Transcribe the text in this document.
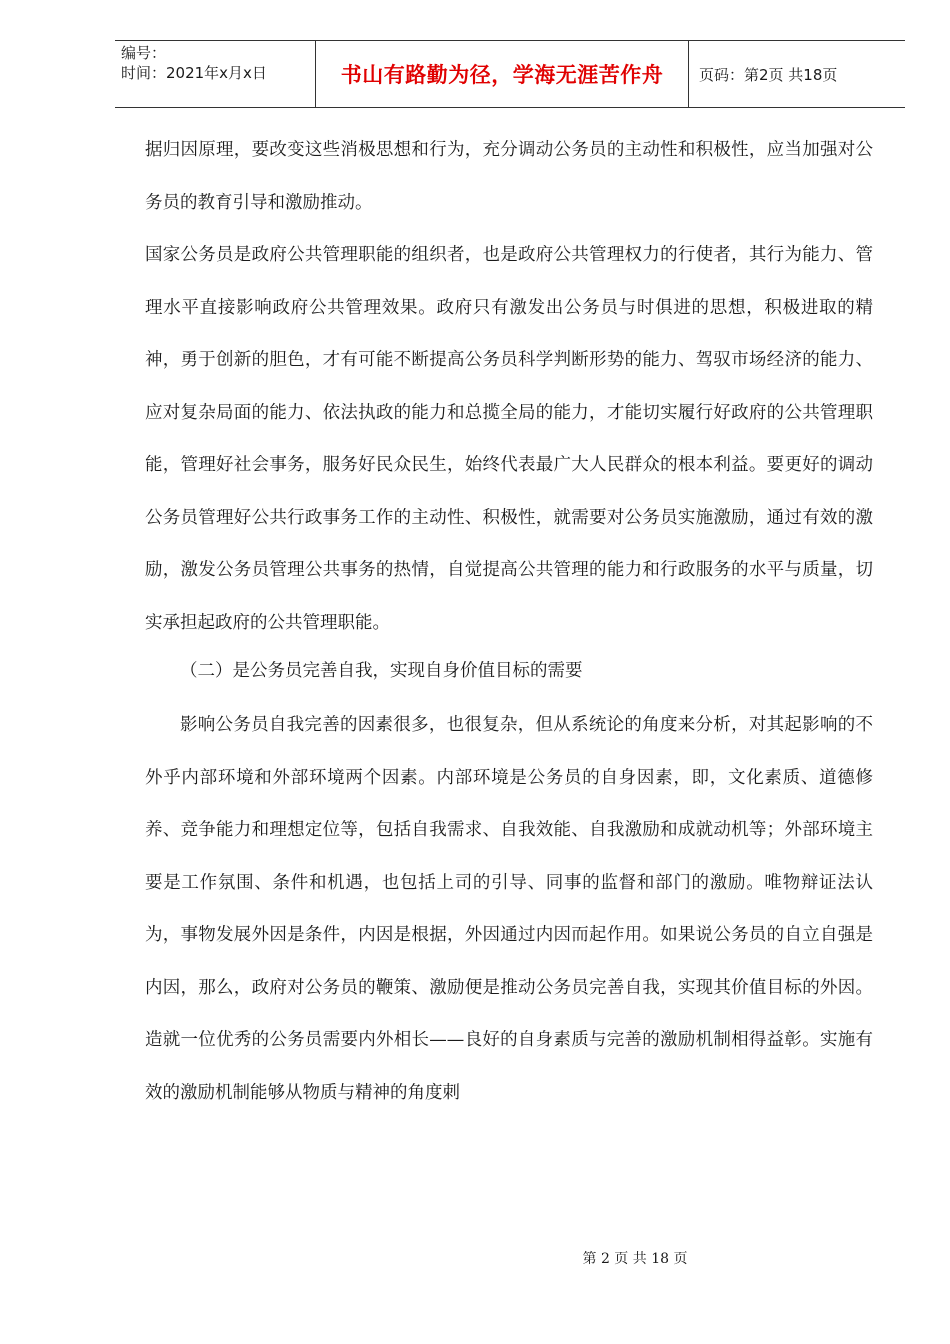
编号：
时间：2021年x月x日	书山有路勤为径，学海无涯苦作舟 页码：第2页 共18页

据归因原理，要改变这些消极思想和行为，充分调动公务员的主动性和积极性，应当加强对公务员的教育引导和激励推动。

国家公务员是政府公共管理职能的组织者，也是政府公共管理权力的行使者，其行为能力、管理水平直接影响政府公共管理效果。政府只有激发出公务员与时俱进的思想，积极进取的精神，勇于创新的胆色，才有可能不断提高公务员科学判断形势的能力、驾驭市场经济的能力、应对复杂局面的能力、依法执政的能力和总揽全局的能力，才能切实履行好政府的公共管理职能，管理好社会事务，服务好民众民生，始终代表最广大人民群众的根本利益。要更好的调动公务员管理好公共行政事务工作的主动性、积极性，就需要对公务员实施激励，通过有效的激励，激发公务员管理公共事务的热情，自觉提高公共管理的能力和行政服务的水平与质量，切实承担起政府的公共管理职能。

（二）是公务员完善自我，实现自身价值目标的需要

影响公务员自我完善的因素很多，也很复杂，但从系统论的角度来分析，对其起影响的不外乎内部环境和外部环境两个因素。内部环境是公务员的自身因素，即，文化素质、道德修养、竞争能力和理想定位等，包括自我需求、自我效能、自我激励和成就动机等；外部环境主要是工作氛围、条件和机遇，也包括上司的引导、同事的监督和部门的激励。唯物辩证法认为，事物发展外因是条件，内因是根据，外因通过内因而起作用。如果说公务员的自立自强是内因，那么，政府对公务员的鞭策、激励便是推动公务员完善自我，实现其价值目标的外因。造就一位优秀的公务员需要内外相长——良好的自身素质与完善的激励机制相得益彰。实施有效的激励机制能够从物质与精神的角度刺

第 2 页 共 18 页
